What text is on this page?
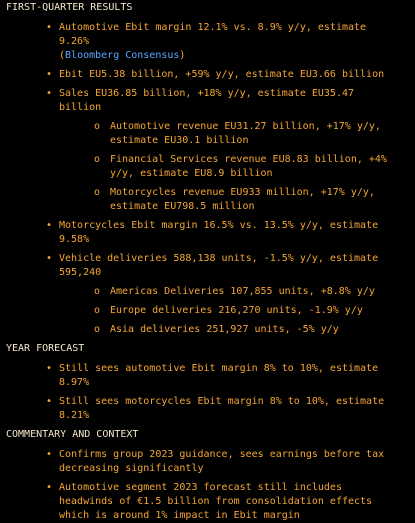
FIRST-QUARTER RESULTS
• Automotive Ebit margin 12.1% vs. 8.9% y/y, estimate 9.26%
(Bloomberg Consensus)
• Ebit EU5.38 billion, +59% y/y, estimate EU3.66 billion
• Sales EU36.85 billion, +18% y/y, estimate EU35.47 billion
o Automotive revenue EU31.27 billion, +17% y/y, estimate EU30.1 billion
o Financial Services revenue EU8.83 billion, +4% y/y, estimate EU8.9 billion
o Motorcycles revenue EU933 million, +17% y/y, estimate EU798.5 million
• Motorcycles Ebit margin 16.5% vs. 13.5% y/y, estimate 9.58%
• Vehicle deliveries 588,138 units, -1.5% y/y, estimate 595,240
o Americas Deliveries 107,855 units, +8.8% y/y
o Europe deliveries 216,270 units, -1.9% y/y
o Asia deliveries 251,927 units, -5% y/y
YEAR FORECAST
• Still sees automotive Ebit margin 8% to 10%, estimate 8.97%
• Still sees motorcycles Ebit margin 8% to 10%, estimate 8.21%
COMMENTARY AND CONTEXT
• Confirms group 2023 guidance, sees earnings before tax decreasing significantly
• Automotive segment 2023 forecast still includes headwinds of €1.5 billion from consolidation effects which is around 1% impact in Ebit margin
